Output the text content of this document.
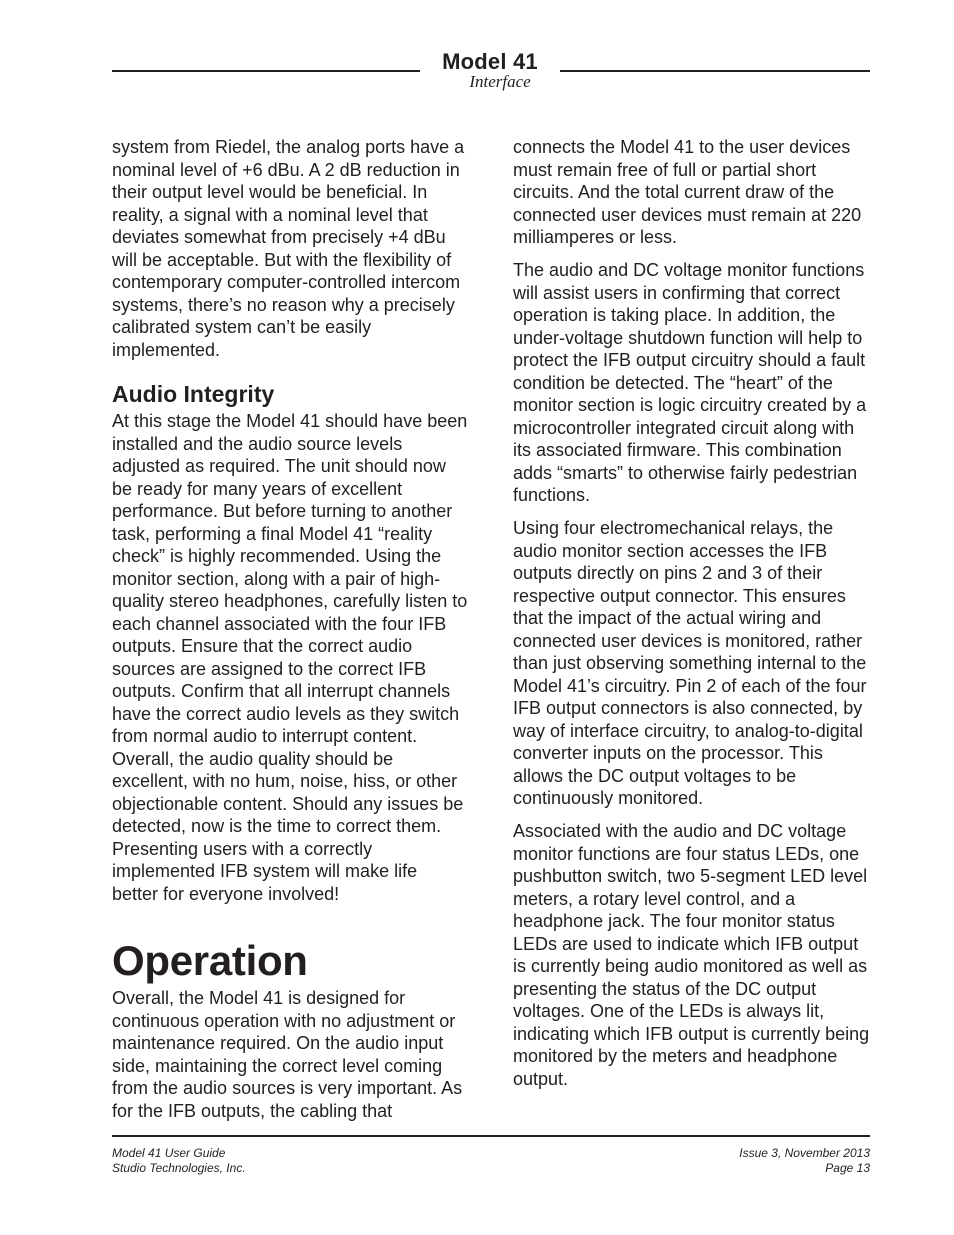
Model 41
Interface

system from Riedel, the analog ports have a nominal level of +6 dBu. A 2 dB reduction in their output level would be beneficial. In reality, a signal with a nominal level that deviates somewhat from precisely +4 dBu will be acceptable. But with the flexibility of contemporary computer-controlled intercom systems, there’s no reason why a precisely calibrated system can’t be easily implemented.

Audio Integrity

At this stage the Model 41 should have been installed and the audio source levels adjusted as required. The unit should now be ready for many years of excellent performance. But before turning to another task, performing a final Model 41 “reality check” is highly recommended. Using the monitor section, along with a pair of high-quality stereo headphones, carefully listen to each channel associated with the four IFB outputs. Ensure that the correct audio sources are assigned to the correct IFB outputs. Confirm that all interrupt channels have the correct audio levels as they switch from normal audio to interrupt content. Overall, the audio quality should be excellent, with no hum, noise, hiss, or other objectionable content. Should any issues be detected, now is the time to correct them. Presenting users with a correctly implemented IFB system will make life better for everyone involved!

Operation

Overall, the Model 41 is designed for continuous operation with no adjustment or maintenance required. On the audio input side, maintaining the correct level coming from the audio sources is very important. As for the IFB outputs, the cabling that

connects the Model 41 to the user devices must remain free of full or partial short circuits. And the total current draw of the connected user devices must remain at 220 milliamperes or less.

The audio and DC voltage monitor functions will assist users in confirming that correct operation is taking place. In addition, the under-voltage shutdown function will help to protect the IFB output circuitry should a fault condition be detected. The “heart” of the monitor section is logic circuitry created by a microcontroller integrated circuit along with its associated firmware. This combination adds “smarts” to otherwise fairly pedestrian functions.

Using four electromechanical relays, the audio monitor section accesses the IFB outputs directly on pins 2 and 3 of their respective output connector. This ensures that the impact of the actual wiring and connected user devices is monitored, rather than just observing something internal to the Model 41’s circuitry. Pin 2 of each of the four IFB output connectors is also connected, by way of interface circuitry, to analog-to-digital converter inputs on the processor. This allows the DC output voltages to be continuously monitored.

Associated with the audio and DC voltage monitor functions are four status LEDs, one pushbutton switch, two 5-segment LED level meters, a rotary level control, and a headphone jack. The four monitor status LEDs are used to indicate which IFB output is currently being audio monitored as well as presenting the status of the DC output voltages. One of the LEDs is always lit, indicating which IFB output is currently being monitored by the meters and headphone output.

Model 41 User Guide
Studio Technologies, Inc.
Issue 3, November 2013
Page 13
